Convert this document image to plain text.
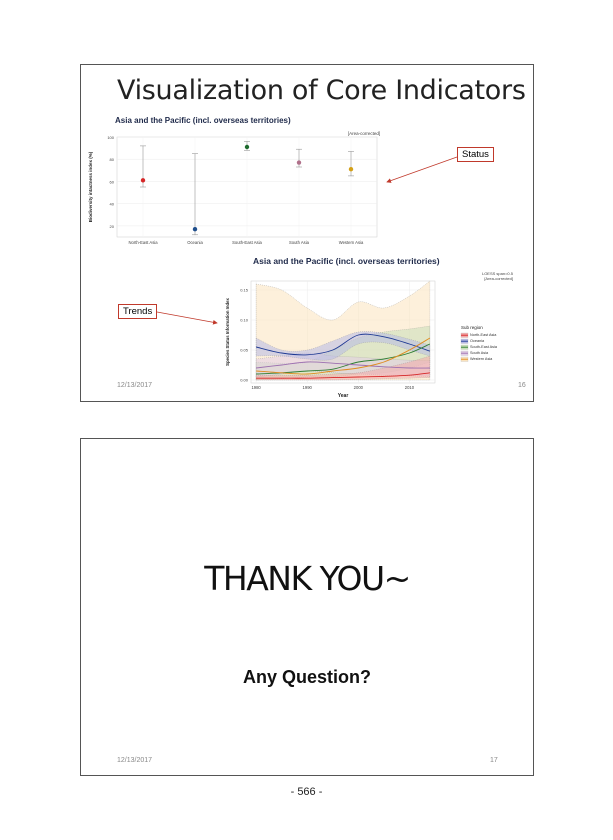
Visualization of Core Indicators
Asia and the Pacific (incl. overseas territories)
20
40
60
80
100
[Area-corrected]
North-East Asia	Oceania	South-East Asia	South Asia	Western Asia
Biodiversity intactness index (%)
Asia and the Pacific (incl. overseas territories)
0.00
0.05
0.10
0.15
1980	1990	2000	2010
Species Status Information Index
Year
LOESS span=0.5
[Area-corrected]
Sub region
North-East Asia
Oceania
South-East Asia
South Asia
Western Asia
Status
Trends
12/13/2017	16
THANK YOU~
Any Question?
12/13/2017	17
- 566 -
